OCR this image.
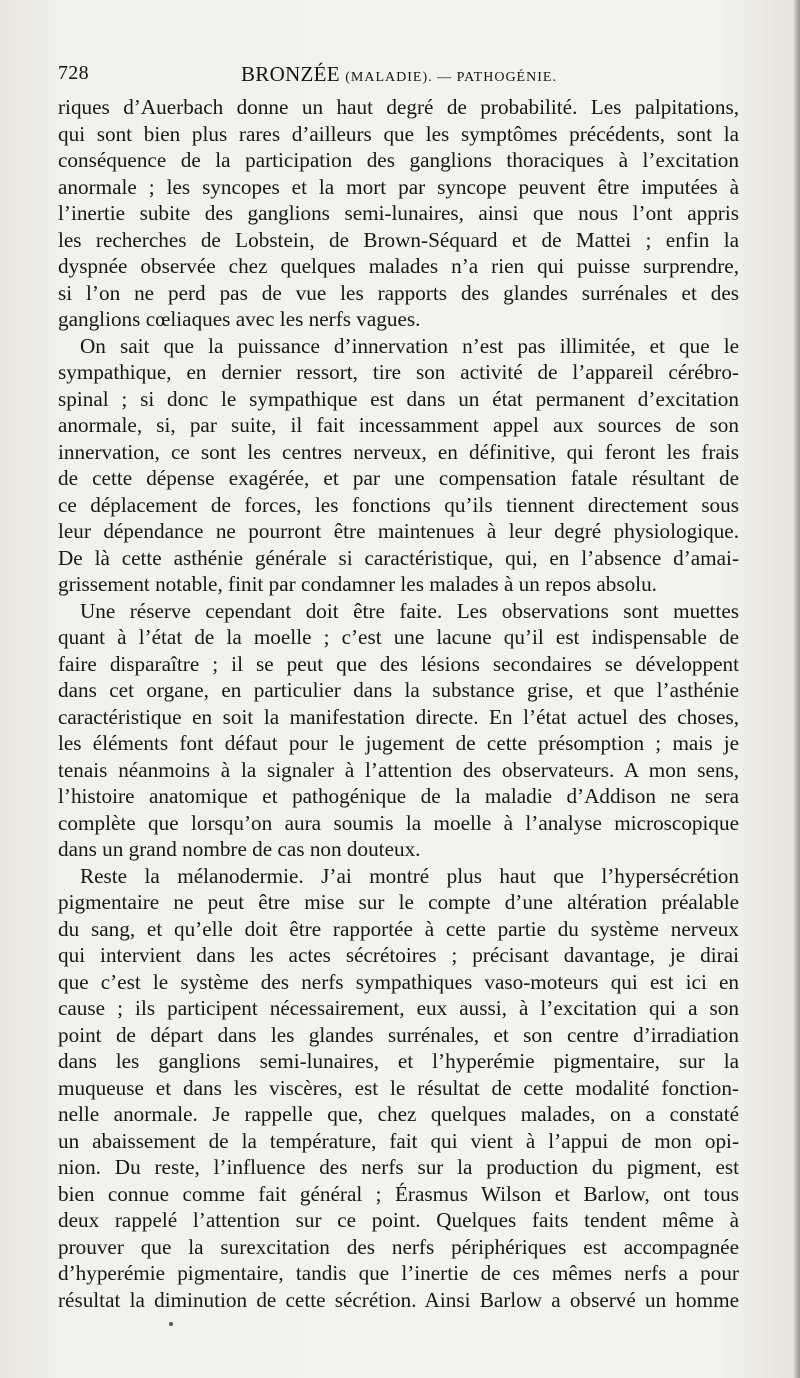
728	BRONZÉE (MALADIE). — PATHOGÉNIE.
riques d’Auerbach donne un haut degré de probabilité. Les palpitations,
qui sont bien plus rares d’ailleurs que les symptômes précédents, sont la
conséquence de la participation des ganglions thoraciques à l’excitation
anormale ; les syncopes et la mort par syncope peuvent être imputées à
l’inertie subite des ganglions semi-lunaires, ainsi que nous l’ont appris
les recherches de Lobstein, de Brown-Séquard et de Mattei ; enfin la
dyspnée observée chez quelques malades n’a rien qui puisse surprendre,
si l’on ne perd pas de vue les rapports des glandes surrénales et des
ganglions cœliaques avec les nerfs vagues.
On sait que la puissance d’innervation n’est pas illimitée, et que le
sympathique, en dernier ressort, tire son activité de l’appareil cérébro-
spinal ; si donc le sympathique est dans un état permanent d’excitation
anormale, si, par suite, il fait incessamment appel aux sources de son
innervation, ce sont les centres nerveux, en définitive, qui feront les frais
de cette dépense exagérée, et par une compensation fatale résultant de
ce déplacement de forces, les fonctions qu’ils tiennent directement sous
leur dépendance ne pourront être maintenues à leur degré physiologique.
De là cette asthénie générale si caractéristique, qui, en l’absence d’amai-
grissement notable, finit par condamner les malades à un repos absolu.
Une réserve cependant doit être faite. Les observations sont muettes
quant à l’état de la moelle ; c’est une lacune qu’il est indispensable de
faire disparaître ; il se peut que des lésions secondaires se développent
dans cet organe, en particulier dans la substance grise, et que l’asthénie
caractéristique en soit la manifestation directe. En l’état actuel des choses,
les éléments font défaut pour le jugement de cette présomption ; mais je
tenais néanmoins à la signaler à l’attention des observateurs. A mon sens,
l’histoire anatomique et pathogénique de la maladie d’Addison ne sera
complète que lorsqu’on aura soumis la moelle à l’analyse microscopique
dans un grand nombre de cas non douteux.
Reste la mélanodermie. J’ai montré plus haut que l’hypersécrétion
pigmentaire ne peut être mise sur le compte d’une altération préalable
du sang, et qu’elle doit être rapportée à cette partie du système nerveux
qui intervient dans les actes sécrétoires ; précisant davantage, je dirai
que c’est le système des nerfs sympathiques vaso-moteurs qui est ici en
cause ; ils participent nécessairement, eux aussi, à l’excitation qui a son
point de départ dans les glandes surrénales, et son centre d’irradiation
dans les ganglions semi-lunaires, et l’hyperémie pigmentaire, sur la
muqueuse et dans les viscères, est le résultat de cette modalité fonction-
nelle anormale. Je rappelle que, chez quelques malades, on a constaté
un abaissement de la température, fait qui vient à l’appui de mon opi-
nion. Du reste, l’influence des nerfs sur la production du pigment, est
bien connue comme fait général ; Érasmus Wilson et Barlow, ont tous
deux rappelé l’attention sur ce point. Quelques faits tendent même à
prouver que la surexcitation des nerfs périphériques est accompagnée
d’hyperémie pigmentaire, tandis que l’inertie de ces mêmes nerfs a pour
résultat la diminution de cette sécrétion. Ainsi Barlow a observé un homme
